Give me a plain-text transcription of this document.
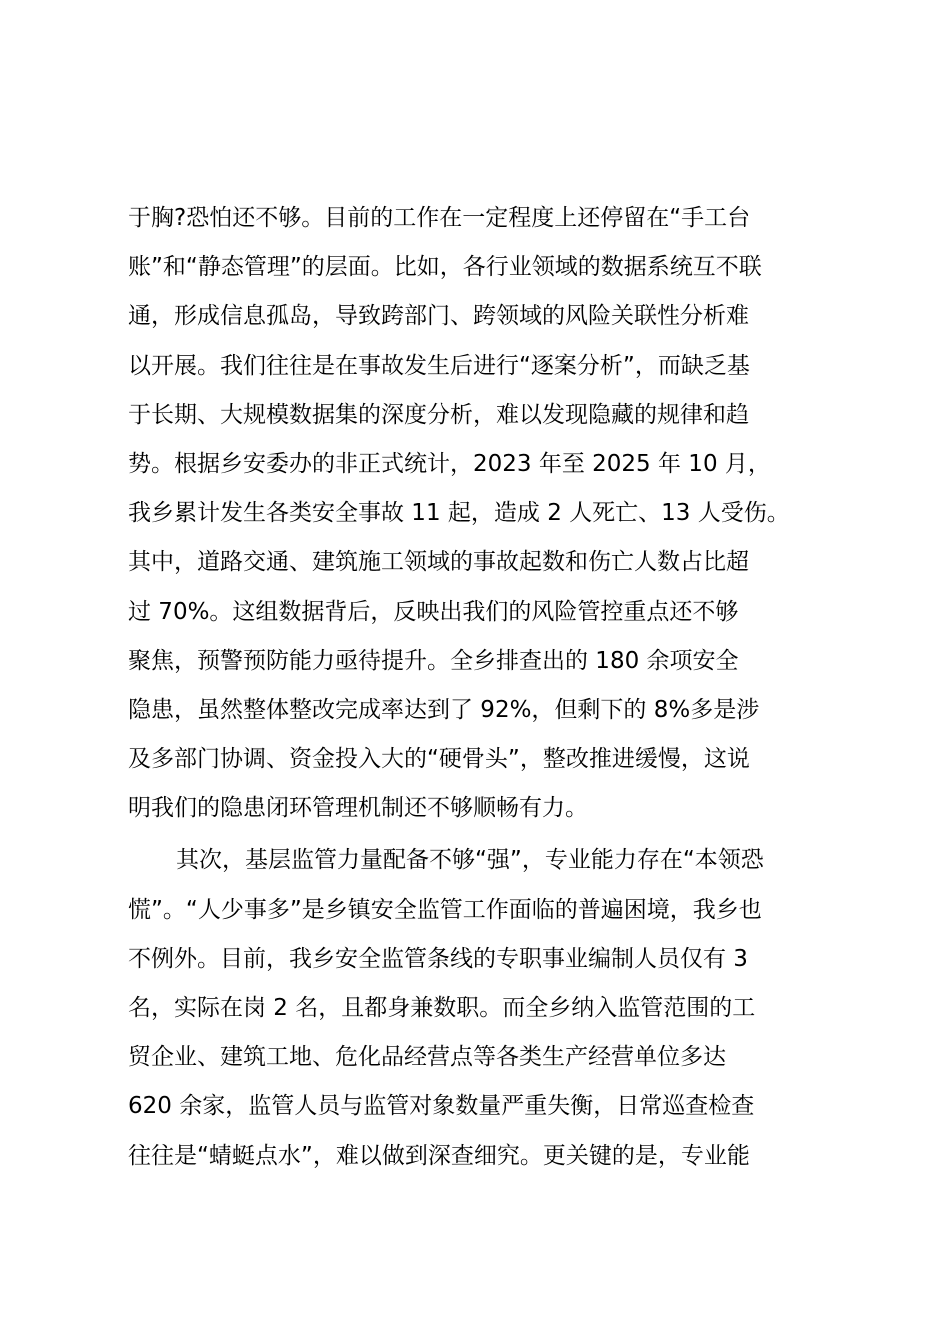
于胸?恐怕还不够。目前的工作在一定程度上还停留在“手工台
账”和“静态管理”的层面。比如，各行业领域的数据系统互不联
通，形成信息孤岛，导致跨部门、跨领域的风险关联性分析难
以开展。我们往往是在事故发生后进行“逐案分析”，而缺乏基
于长期、大规模数据集的深度分析，难以发现隐藏的规律和趋
势。根据乡安委办的非正式统计，2023 年至 2025 年 10 月，
我乡累计发生各类安全事故 11 起，造成 2 人死亡、13 人受伤。
其中，道路交通、建筑施工领域的事故起数和伤亡人数占比超
过 70%。这组数据背后，反映出我们的风险管控重点还不够
聚焦，预警预防能力亟待提升。全乡排查出的 180 余项安全
隐患，虽然整体整改完成率达到了 92%，但剩下的 8%多是涉
及多部门协调、资金投入大的“硬骨头”，整改推进缓慢，这说
明我们的隐患闭环管理机制还不够顺畅有力。
其次，基层监管力量配备不够“强”，专业能力存在“本领恐
慌”。“人少事多”是乡镇安全监管工作面临的普遍困境，我乡也
不例外。目前，我乡安全监管条线的专职事业编制人员仅有 3
名，实际在岗 2 名，且都身兼数职。而全乡纳入监管范围的工
贸企业、建筑工地、危化品经营点等各类生产经营单位多达
620 余家，监管人员与监管对象数量严重失衡，日常巡查检查
往往是“蜻蜓点水”，难以做到深查细究。更关键的是，专业能
